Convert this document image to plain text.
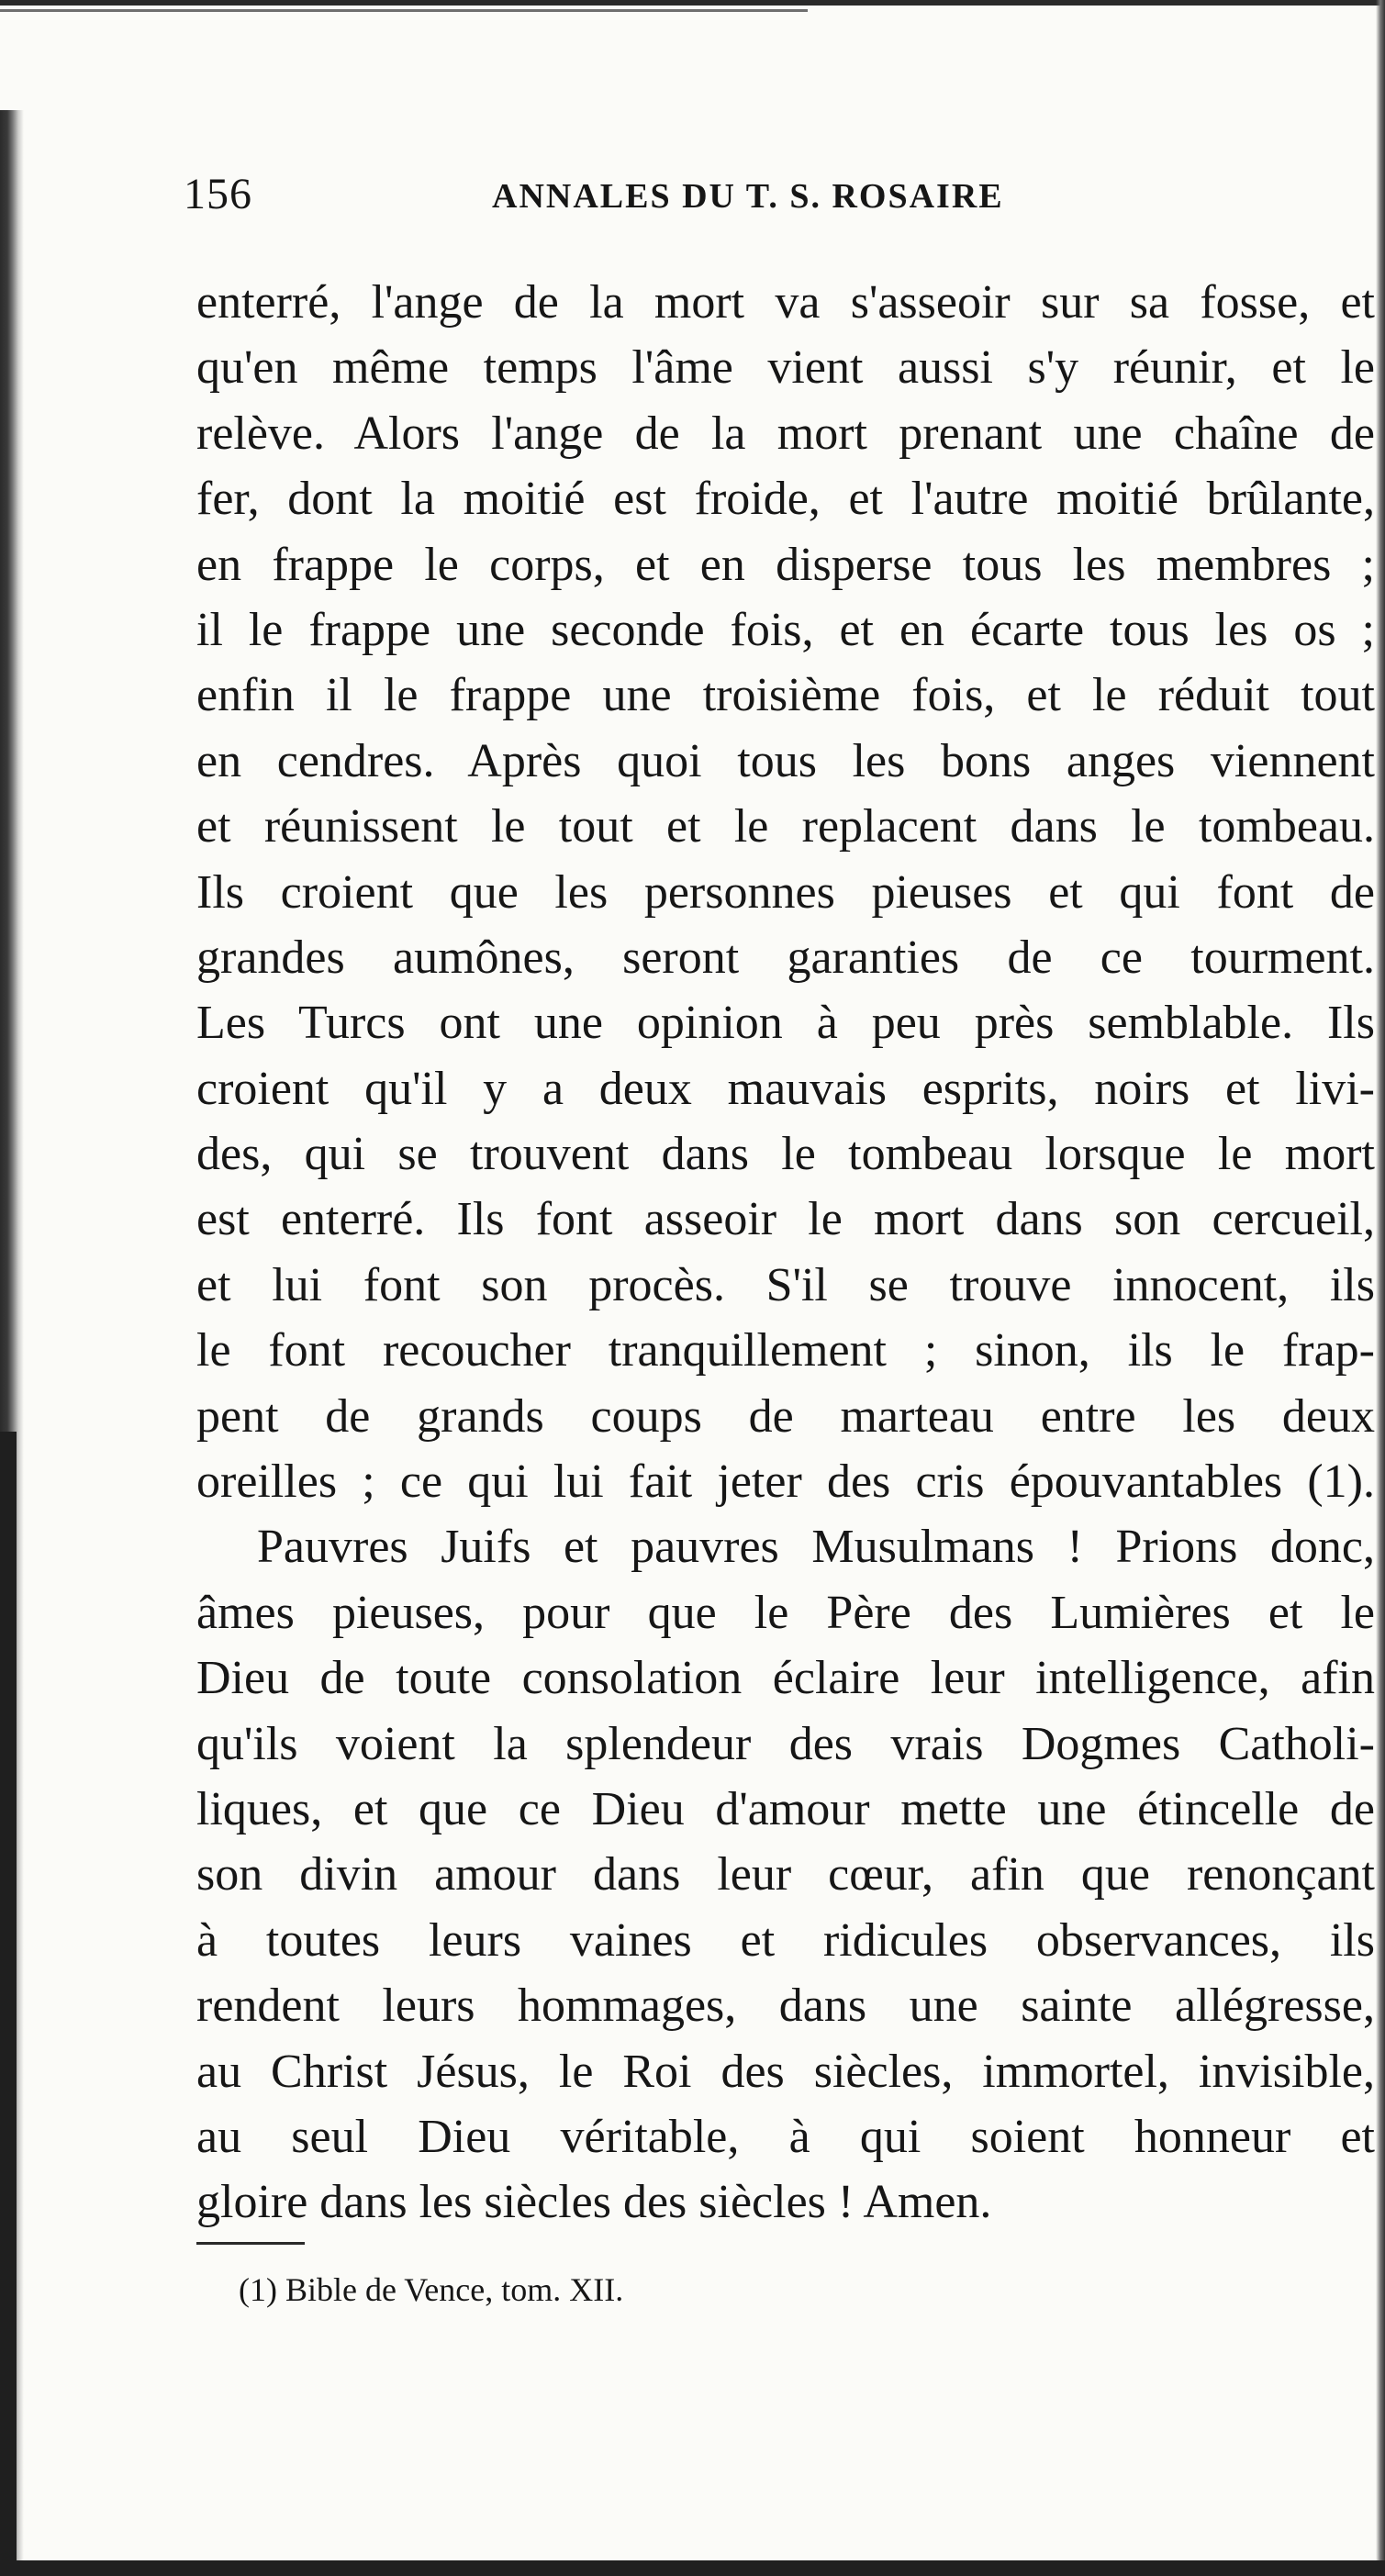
156	ANNALES DU T. S. ROSAIRE
enterré, l'ange de la mort va s'asseoir sur sa fosse, et
qu'en même temps l'âme vient aussi s'y réunir, et le
relève. Alors l'ange de la mort prenant une chaîne de
fer, dont la moitié est froide, et l'autre moitié brûlante,
en frappe le corps, et en disperse tous les membres ;
il le frappe une seconde fois, et en écarte tous les os ;
enfin il le frappe une troisième fois, et le réduit tout
en cendres. Après quoi tous les bons anges viennent
et réunissent le tout et le replacent dans le tombeau.
Ils croient que les personnes pieuses et qui font de
grandes aumônes, seront garanties de ce tourment.
Les Turcs ont une opinion à peu près semblable. Ils
croient qu'il y a deux mauvais esprits, noirs et livi-
des, qui se trouvent dans le tombeau lorsque le mort
est enterré. Ils font asseoir le mort dans son cercueil,
et lui font son procès. S'il se trouve innocent, ils
le font recoucher tranquillement ; sinon, ils le frap-
pent de grands coups de marteau entre les deux
oreilles ; ce qui lui fait jeter des cris épouvantables (1).
Pauvres Juifs et pauvres Musulmans ! Prions donc,
âmes pieuses, pour que le Père des Lumières et le
Dieu de toute consolation éclaire leur intelligence, afin
qu'ils voient la splendeur des vrais Dogmes Catholi-
liques, et que ce Dieu d'amour mette une étincelle de
son divin amour dans leur cœur, afin que renonçant
à toutes leurs vaines et ridicules observances, ils
rendent leurs hommages, dans une sainte allégresse,
au Christ Jésus, le Roi des siècles, immortel, invisible,
au seul Dieu véritable, à qui soient honneur et
gloire dans les siècles des siècles ! Amen.
(1) Bible de Vence, tom. XII.
